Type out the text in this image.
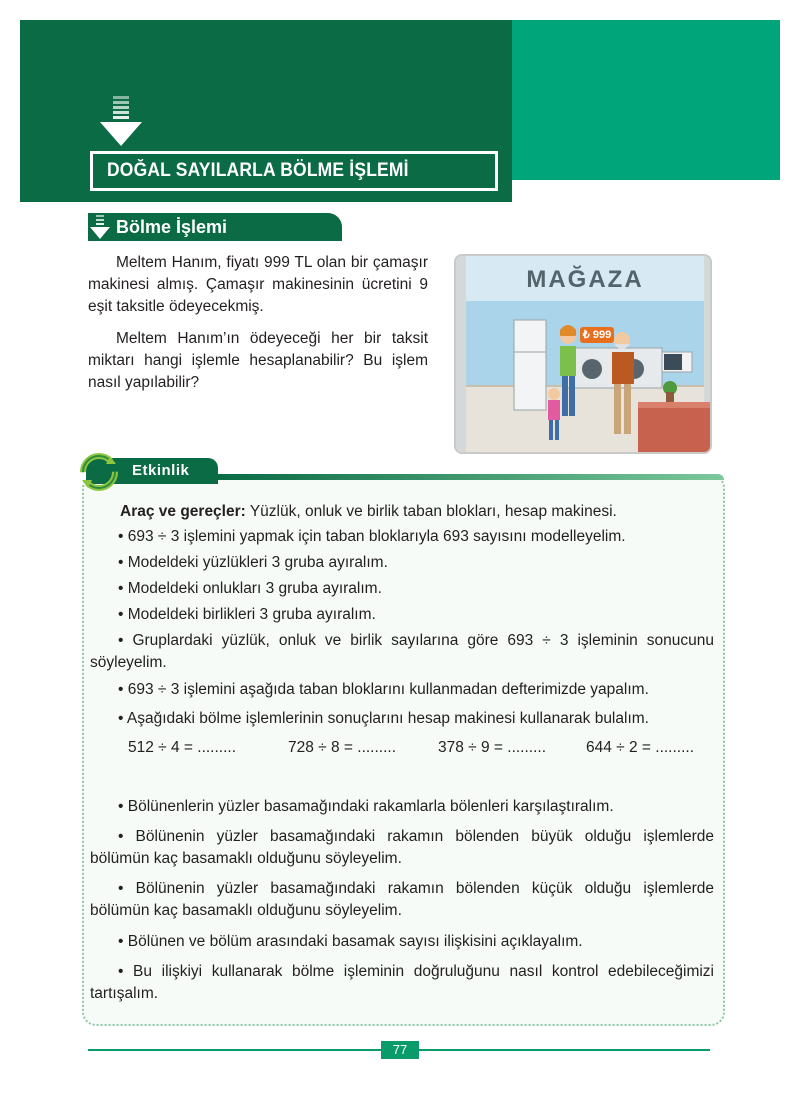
DOĞAL SAYILARLA BÖLME İŞLEMİ
Bölme İşlemi

Meltem Hanım, fiyatı 999 TL olan bir çamaşır makinesi almış. Çamaşır makinesinin ücretini 9 eşit taksitle ödeyecekmiş.

Meltem Hanım’ın ödeyeceği her bir taksit miktarı hangi işlemle hesaplanabilir? Bu işlem nasıl yapılabilir?

MAĞAZA
₺ 999
Etkinlik
Araç ve gereçler: Yüzlük, onluk ve birlik taban blokları, hesap makinesi.
• 693 ÷ 3 işlemini yapmak için taban bloklarıyla 693 sayısını modelleyelim.
• Modeldeki yüzlükleri 3 gruba ayıralım.
• Modeldeki onlukları 3 gruba ayıralım.
• Modeldeki birlikleri 3 gruba ayıralım.
• Gruplardaki yüzlük, onluk ve birlik sayılarına göre 693 ÷ 3 işleminin sonucunu söyleyelim.
• 693 ÷ 3 işlemini aşağıda taban bloklarını kullanmadan defterimizde yapalım.
• Aşağıdaki bölme işlemlerinin sonuçlarını hesap makinesi kullanarak bulalım.
512 ÷ 4 = .........	728 ÷ 8 = .........	378 ÷ 9 = .........	644 ÷ 2 = .........
• Bölünenlerin yüzler basamağındaki rakamlarla bölenleri karşılaştıralım.
• Bölünenin yüzler basamağındaki rakamın bölenden büyük olduğu işlemlerde bölümün kaç basamaklı olduğunu söyleyelim.
• Bölünenin yüzler basamağındaki rakamın bölenden küçük olduğu işlemlerde bölümün kaç basamaklı olduğunu söyleyelim.
• Bölünen ve bölüm arasındaki basamak sayısı ilişkisini açıklayalım.
• Bu ilişkiyi kullanarak bölme işleminin doğruluğunu nasıl kontrol edebileceğimizi tartışalım.
77
